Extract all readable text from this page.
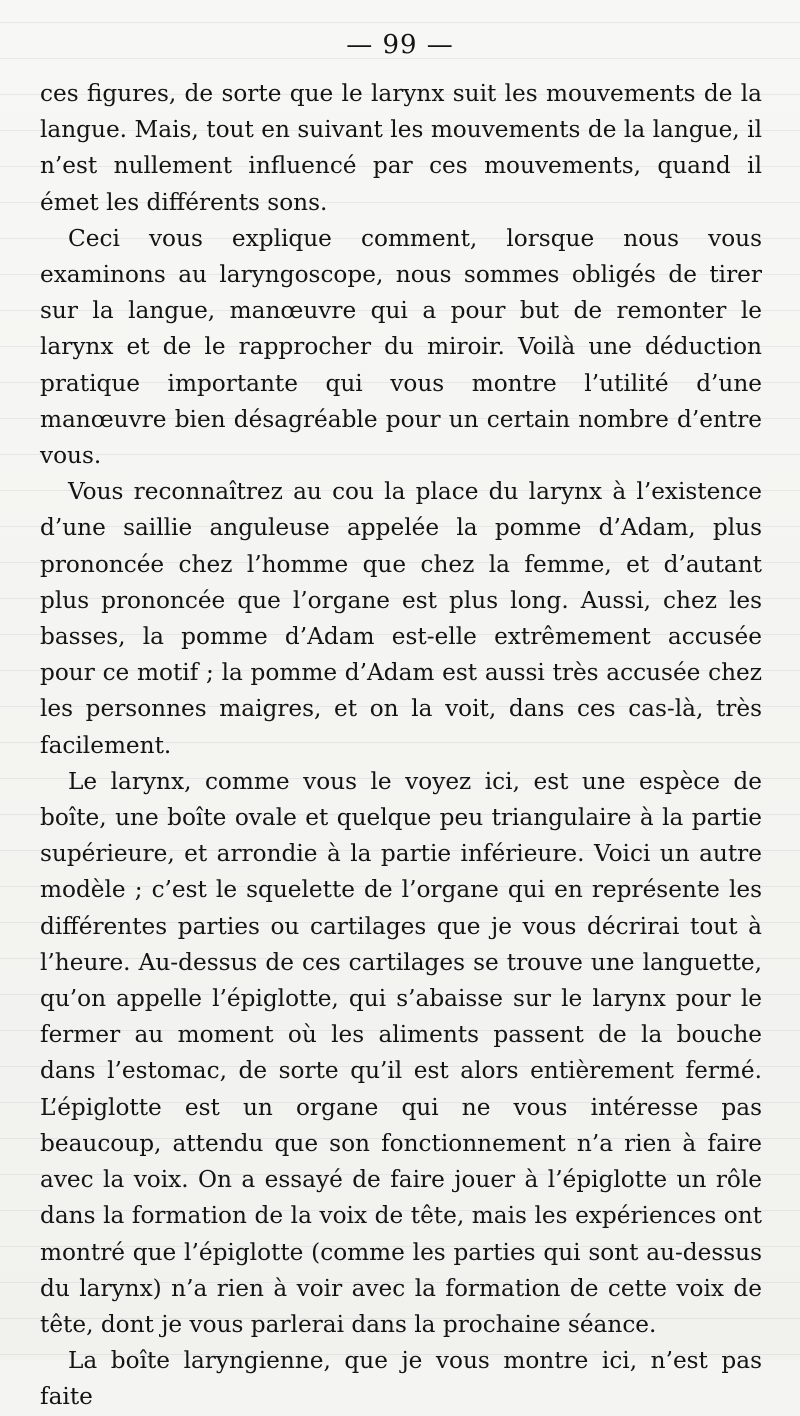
— 99 —

ces figures, de sorte que le larynx suit les mouvements de la langue. Mais, tout en suivant les mouvements de la langue, il n’est nullement influencé par ces mouvements, quand il émet les différents sons.

Ceci vous explique comment, lorsque nous vous examinons au laryngoscope, nous sommes obligés de tirer sur la langue, manœuvre qui a pour but de remonter le larynx et de le rapprocher du miroir. Voilà une déduction pratique importante qui vous montre l’utilité d’une manœuvre bien désagréable pour un certain nombre d’entre vous.

Vous reconnaîtrez au cou la place du larynx à l’existence d’une saillie anguleuse appelée la pomme d’Adam, plus prononcée chez l’homme que chez la femme, et d’autant plus prononcée que l’organe est plus long. Aussi, chez les basses, la pomme d’Adam est-elle extrêmement accusée pour ce motif ; la pomme d’Adam est aussi très accusée chez les personnes maigres, et on la voit, dans ces cas-là, très facilement.

Le larynx, comme vous le voyez ici, est une espèce de boîte, une boîte ovale et quelque peu triangulaire à la partie supérieure, et arrondie à la partie inférieure. Voici un autre modèle ; c’est le squelette de l’organe qui en représente les différentes parties ou cartilages que je vous décrirai tout à l’heure. Au-dessus de ces cartilages se trouve une languette, qu’on appelle l’épiglotte, qui s’abaisse sur le larynx pour le fermer au moment où les aliments passent de la bouche dans l’estomac, de sorte qu’il est alors entièrement fermé. L’épiglotte est un organe qui ne vous intéresse pas beaucoup, attendu que son fonctionnement n’a rien à faire avec la voix. On a essayé de faire jouer à l’épiglotte un rôle dans la formation de la voix de tête, mais les expériences ont montré que l’épiglotte (comme les parties qui sont au-dessus du larynx) n’a rien à voir avec la formation de cette voix de tête, dont je vous parlerai dans la prochaine séance.

La boîte laryngienne, que je vous montre ici, n’est pas faite
